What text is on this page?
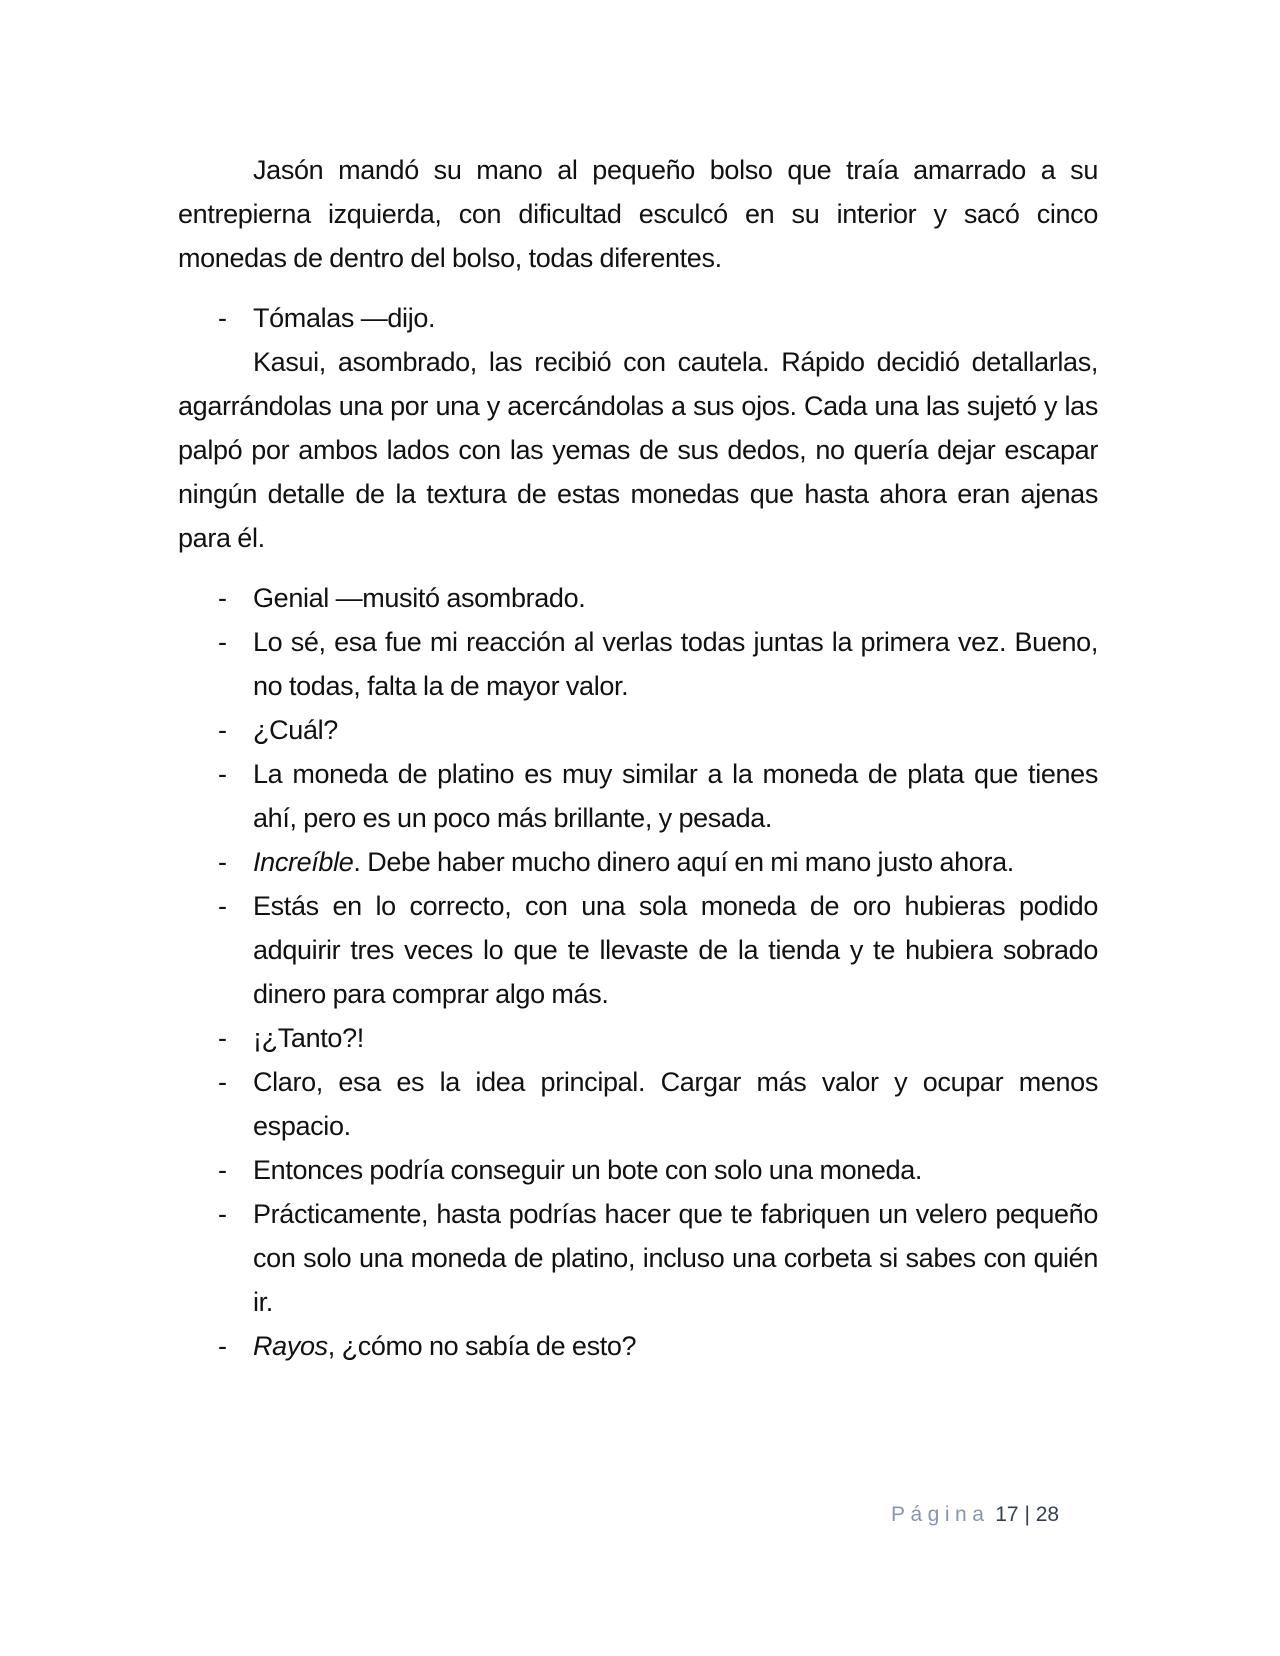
Jasón mandó su mano al pequeño bolso que traía amarrado a su entrepierna izquierda, con dificultad esculcó en su interior y sacó cinco monedas de dentro del bolso, todas diferentes.

- Tómalas —dijo.

Kasui, asombrado, las recibió con cautela. Rápido decidió detallarlas, agarrándolas una por una y acercándolas a sus ojos. Cada una las sujetó y las palpó por ambos lados con las yemas de sus dedos, no quería dejar escapar ningún detalle de la textura de estas monedas que hasta ahora eran ajenas para él.

- Genial —musitó asombrado.

- Lo sé, esa fue mi reacción al verlas todas juntas la primera vez. Bueno, no todas, falta la de mayor valor.

- ¿Cuál?

- La moneda de platino es muy similar a la moneda de plata que tienes ahí, pero es un poco más brillante, y pesada.

- Increíble. Debe haber mucho dinero aquí en mi mano justo ahora.

- Estás en lo correcto, con una sola moneda de oro hubieras podido adquirir tres veces lo que te llevaste de la tienda y te hubiera sobrado dinero para comprar algo más.

- ¡¿Tanto?!

- Claro, esa es la idea principal. Cargar más valor y ocupar menos espacio.

- Entonces podría conseguir un bote con solo una moneda.

- Prácticamente, hasta podrías hacer que te fabriquen un velero pequeño con solo una moneda de platino, incluso una corbeta si sabes con quién ir.

- Rayos, ¿cómo no sabía de esto?

Página 17 | 28
